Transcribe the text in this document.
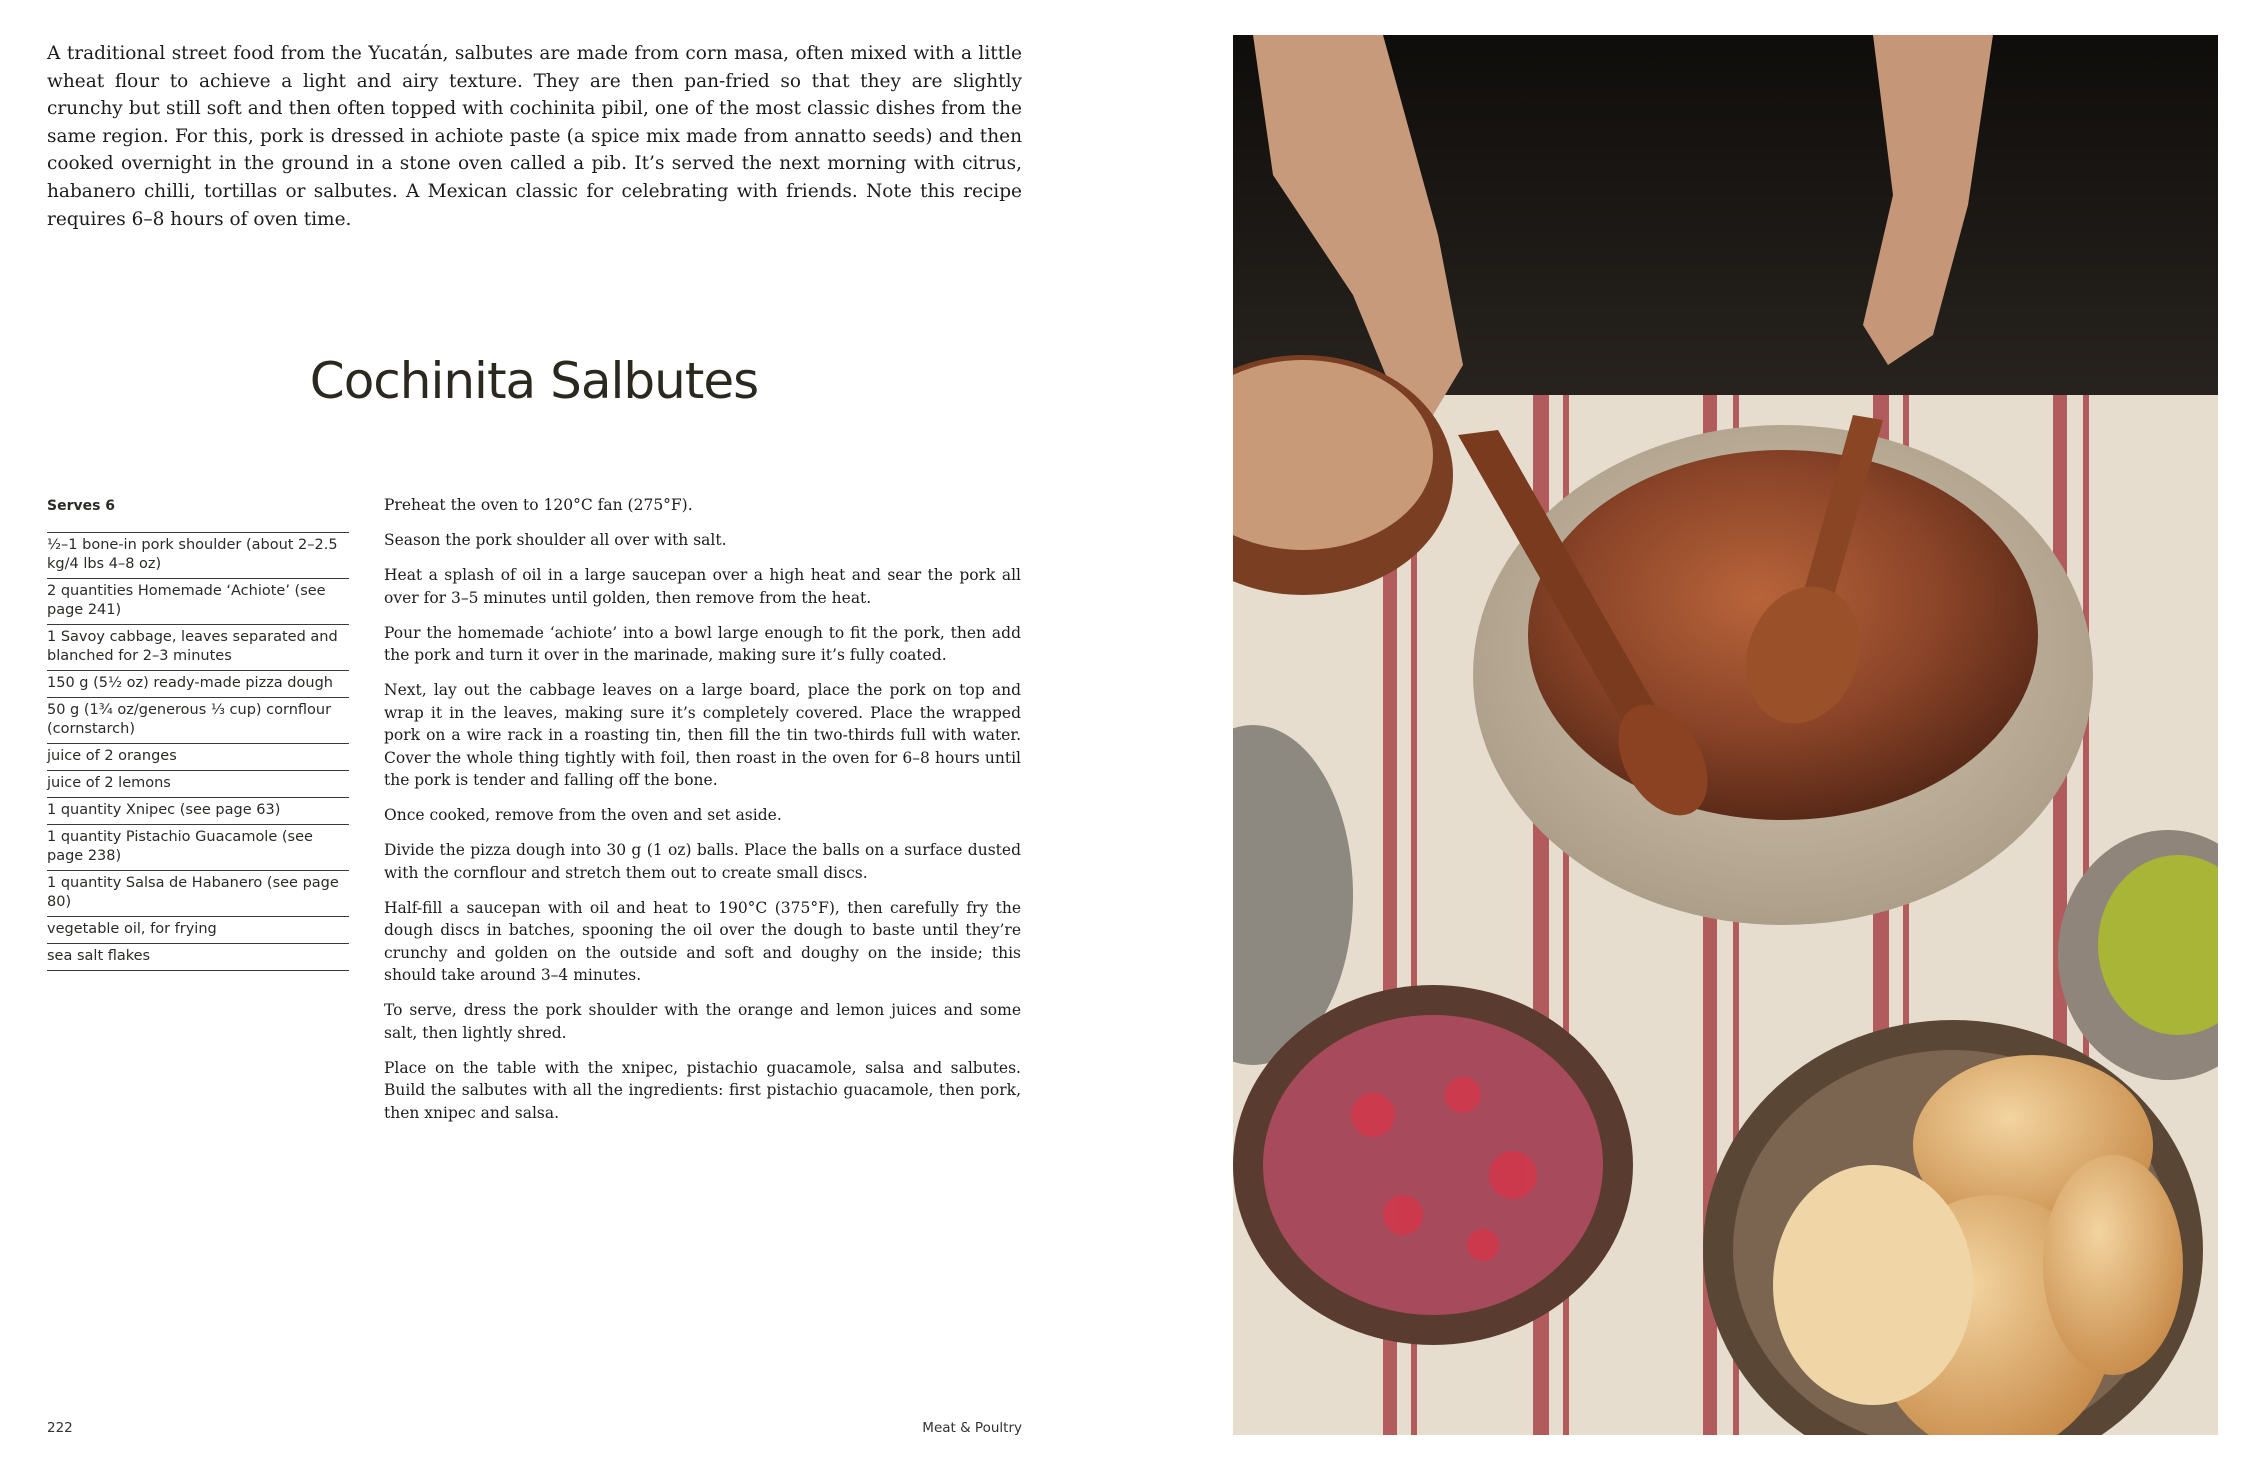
A traditional street food from the Yucatán, salbutes are made from corn masa, often mixed with a little wheat flour to achieve a light and airy texture. They are then pan-fried so that they are slightly crunchy but still soft and then often topped with cochinita pibil, one of the most classic dishes from the same region. For this, pork is dressed in achiote paste (a spice mix made from annatto seeds) and then cooked overnight in the ground in a stone oven called a pib. It’s served the next morning with citrus, habanero chilli, tortillas or salbutes. A Mexican classic for celebrating with friends. Note this recipe requires 6–8 hours of oven time.

Cochinita Salbutes
Serves 6
½–1 bone-in pork shoulder (about 2–2.5 kg/4 lbs 4–8 oz)
2 quantities Homemade ‘Achiote’ (see page 241)
1 Savoy cabbage, leaves separated and blanched for 2–3 minutes
150 g (5½ oz) ready-made pizza dough
50 g (1¾ oz/generous ⅓ cup) cornflour (cornstarch)
juice of 2 oranges
juice of 2 lemons
1 quantity Xnipec (see page 63)
1 quantity Pistachio Guacamole (see page 238)
1 quantity Salsa de Habanero (see page 80)
vegetable oil, for frying
sea salt flakes

Preheat the oven to 120°C fan (275°F).

Season the pork shoulder all over with salt.

Heat a splash of oil in a large saucepan over a high heat and sear the pork all over for 3–5 minutes until golden, then remove from the heat.

Pour the homemade ‘achiote’ into a bowl large enough to fit the pork, then add the pork and turn it over in the marinade, making sure it’s fully coated.

Next, lay out the cabbage leaves on a large board, place the pork on top and wrap it in the leaves, making sure it’s completely covered. Place the wrapped pork on a wire rack in a roasting tin, then fill the tin two-thirds full with water. Cover the whole thing tightly with foil, then roast in the oven for 6–8 hours until the pork is tender and falling off the bone.

Once cooked, remove from the oven and set aside.

Divide the pizza dough into 30 g (1 oz) balls. Place the balls on a surface dusted with the cornflour and stretch them out to create small discs.

Half-fill a saucepan with oil and heat to 190°C (375°F), then carefully fry the dough discs in batches, spooning the oil over the dough to baste until they’re crunchy and golden on the outside and soft and doughy on the inside; this should take around 3–4 minutes.

To serve, dress the pork shoulder with the orange and lemon juices and some salt, then lightly shred.

Place on the table with the xnipec, pistachio guacamole, salsa and salbutes. Build the salbutes with all the ingredients: first pistachio guacamole, then pork, then xnipec and salsa.

222	Meat & Poultry
